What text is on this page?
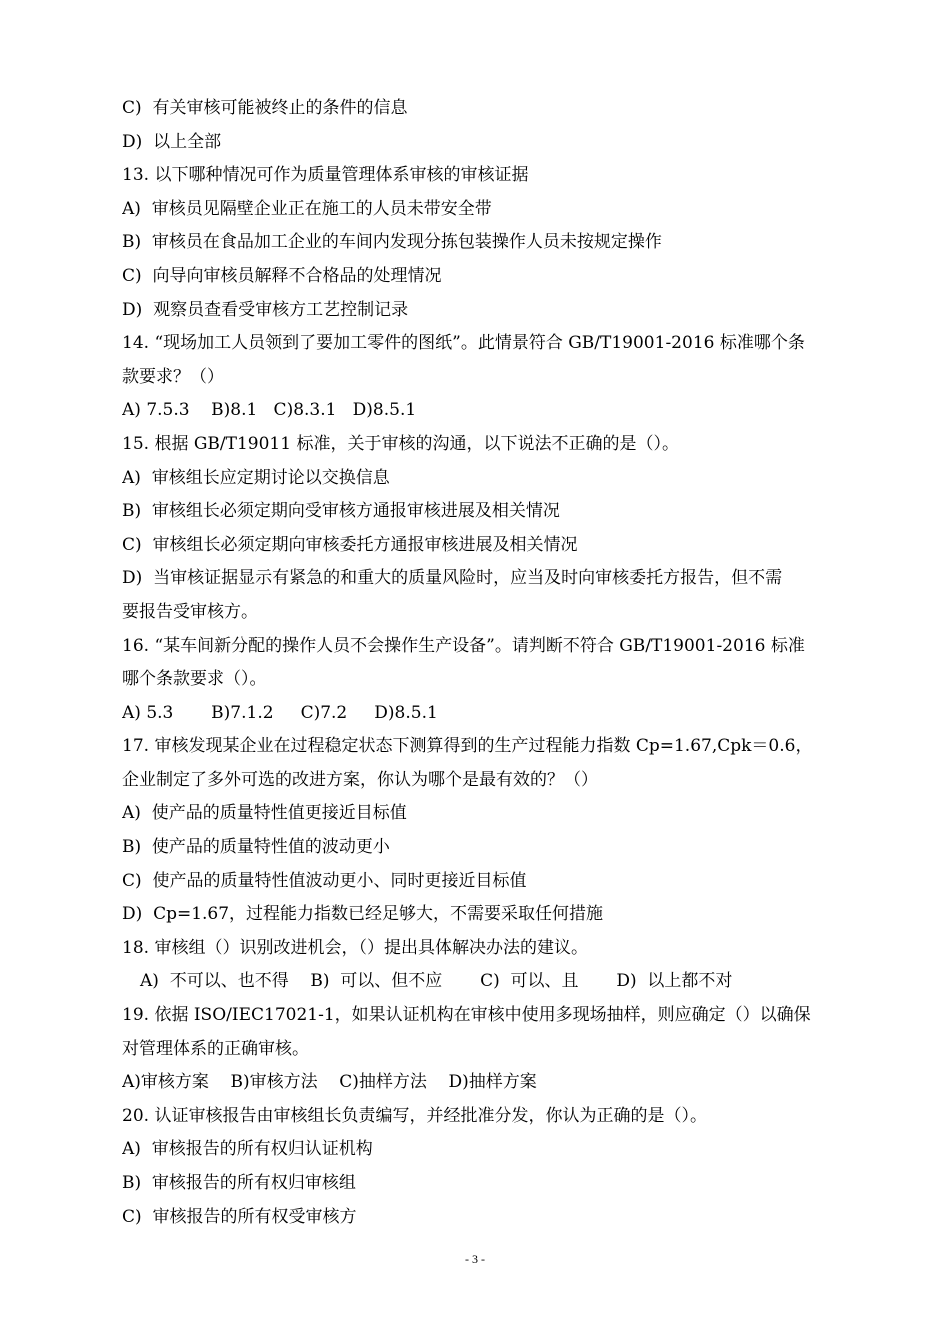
C)  有关审核可能被终止的条件的信息
D)  以上全部
13. 以下哪种情况可作为质量管理体系审核的审核证据
A)  审核员见隔壁企业正在施工的人员未带安全带
B)  审核员在食品加工企业的车间内发现分拣包装操作人员未按规定操作
C)  向导向审核员解释不合格品的处理情况
D)  观察员查看受审核方工艺控制记录
14. “现场加工人员领到了要加工零件的图纸”。此情景符合 GB/T19001-2016 标准哪个条
款要求？（）
A) 7.5.3    B)8.1   C)8.3.1   D)8.5.1
15. 根据 GB/T19011 标准，关于审核的沟通，以下说法不正确的是（）。
A)  审核组长应定期讨论以交换信息
B)  审核组长必须定期向受审核方通报审核进展及相关情况
C)  审核组长必须定期向审核委托方通报审核进展及相关情况
D)  当审核证据显示有紧急的和重大的质量风险时，应当及时向审核委托方报告，但不需
要报告受审核方。
16. “某车间新分配的操作人员不会操作生产设备”。请判断不符合 GB/T19001-2016 标准
哪个条款要求（）。
A) 5.3       B)7.1.2     C)7.2     D)8.5.1
17. 审核发现某企业在过程稳定状态下测算得到的生产过程能力指数 Cp=1.67,Cpk＝0.6，
企业制定了多外可选的改进方案，你认为哪个是最有效的？（）
A)  使产品的质量特性值更接近目标值
B)  使产品的质量特性值的波动更小
C)  使产品的质量特性值波动更小、同时更接近目标值
D)  Cp=1.67，过程能力指数已经足够大，不需要采取任何措施
18. 审核组（）识别改进机会，（）提出具体解决办法的建议。
A)  不可以、也不得    B)  可以、但不应       C)  可以、且       D)  以上都不对
19. 依据 ISO/IEC17021-1，如果认证机构在审核中使用多现场抽样，则应确定（）以确保
对管理体系的正确审核。
A)审核方案    B)审核方法    C)抽样方法    D)抽样方案
20. 认证审核报告由审核组长负责编写，并经批准分发，你认为正确的是（）。
A)  审核报告的所有权归认证机构
B)  审核报告的所有权归审核组
C)  审核报告的所有权受审核方
- 3 -
